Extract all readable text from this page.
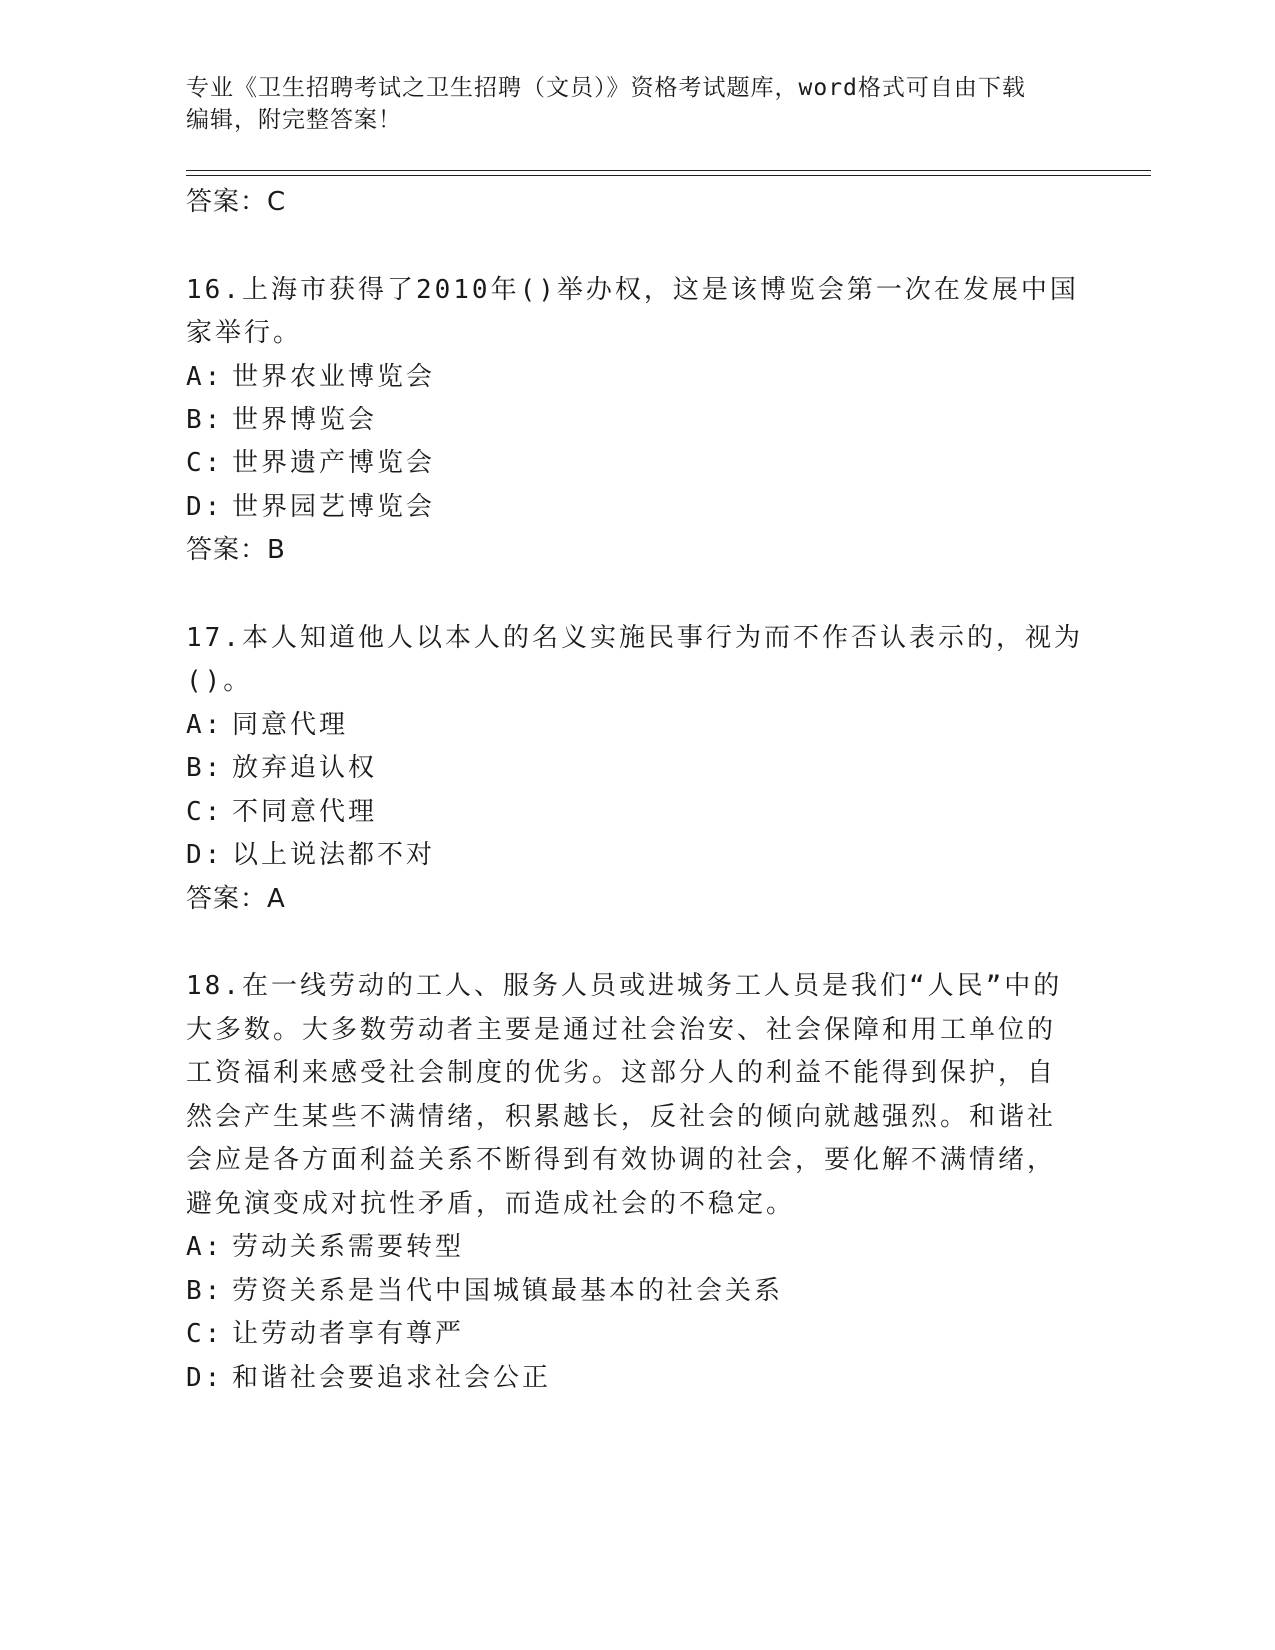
专业《卫生招聘考试之卫生招聘（文员）》资格考试题库，word格式可自由下载
编辑，附完整答案！
答案：C
16.上海市获得了2010年()举办权，这是该博览会第一次在发展中国
家举行。
A: 世界农业博览会
B: 世界博览会
C: 世界遗产博览会
D: 世界园艺博览会
答案：B
17.本人知道他人以本人的名义实施民事行为而不作否认表示的，视为
()。
A: 同意代理
B: 放弃追认权
C: 不同意代理
D: 以上说法都不对
答案：A
18.在一线劳动的工人、服务人员或进城务工人员是我们“人民”中的
大多数。大多数劳动者主要是通过社会治安、社会保障和用工单位的
工资福利来感受社会制度的优劣。这部分人的利益不能得到保护，自
然会产生某些不满情绪，积累越长，反社会的倾向就越强烈。和谐社
会应是各方面利益关系不断得到有效协调的社会，要化解不满情绪，
避免演变成对抗性矛盾，而造成社会的不稳定。
A: 劳动关系需要转型
B: 劳资关系是当代中国城镇最基本的社会关系
C: 让劳动者享有尊严
D: 和谐社会要追求社会公正
